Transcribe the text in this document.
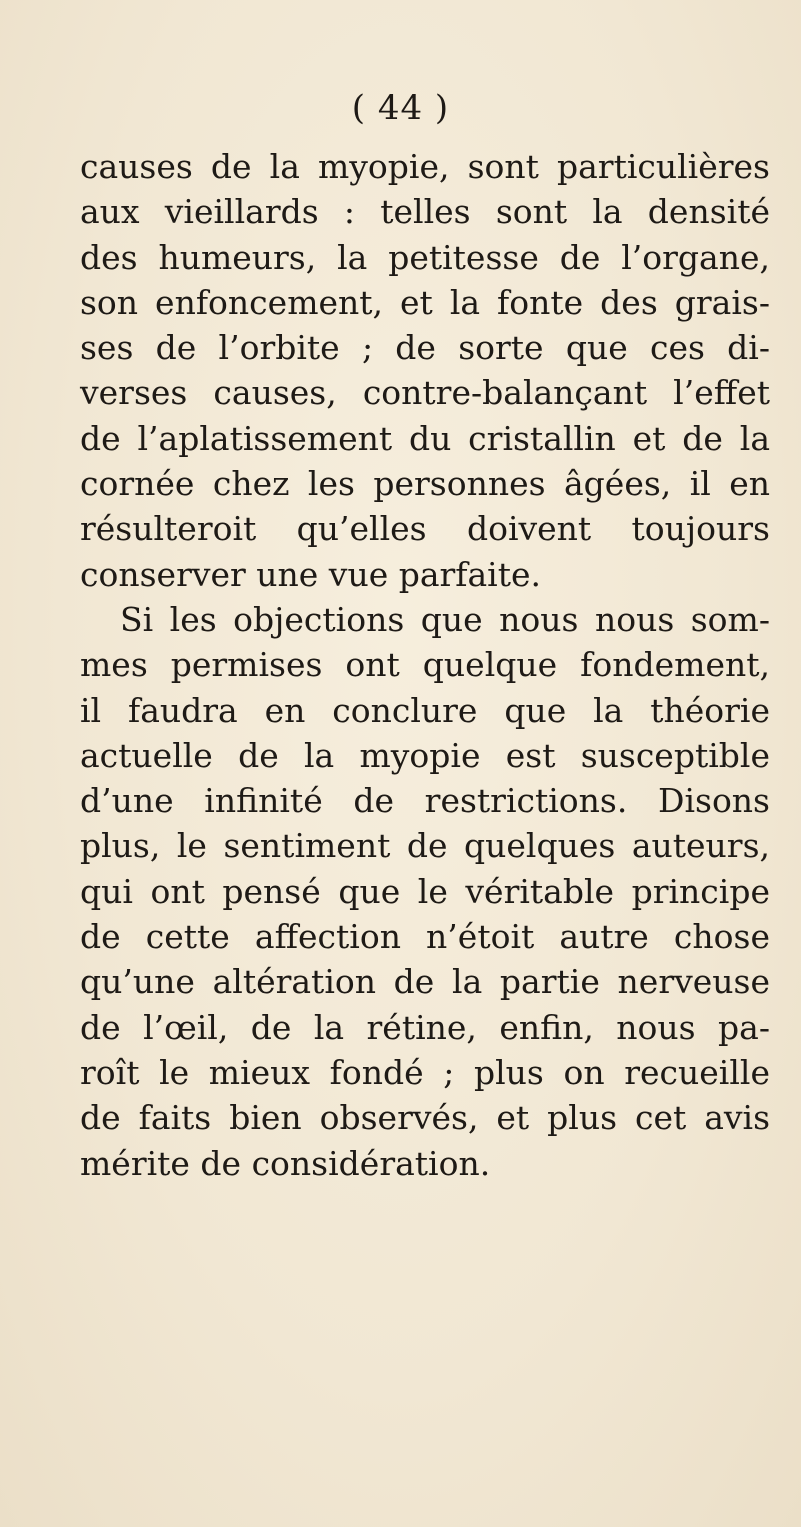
( 44 )
causes de la myopie, sont particulières
aux vieillards : telles sont la densité
des humeurs, la petitesse de l’organe,
son enfoncement, et la fonte des grais-
ses de l’orbite ; de sorte que ces di-
verses causes, contre-balançant l’effet
de l’aplatissement du cristallin et de la
cornée chez les personnes âgées, il en
résulteroit qu’elles doivent toujours
conserver une vue parfaite.
Si les objections que nous nous som-
mes permises ont quelque fondement,
il faudra en conclure que la théorie
actuelle de la myopie est susceptible
d’une infinité de restrictions. Disons
plus, le sentiment de quelques auteurs,
qui ont pensé que le véritable principe
de cette affection n’étoit autre chose
qu’une altération de la partie nerveuse
de l’œil, de la rétine, enfin, nous pa-
roît le mieux fondé ; plus on recueille
de faits bien observés, et plus cet avis
mérite de considération.
